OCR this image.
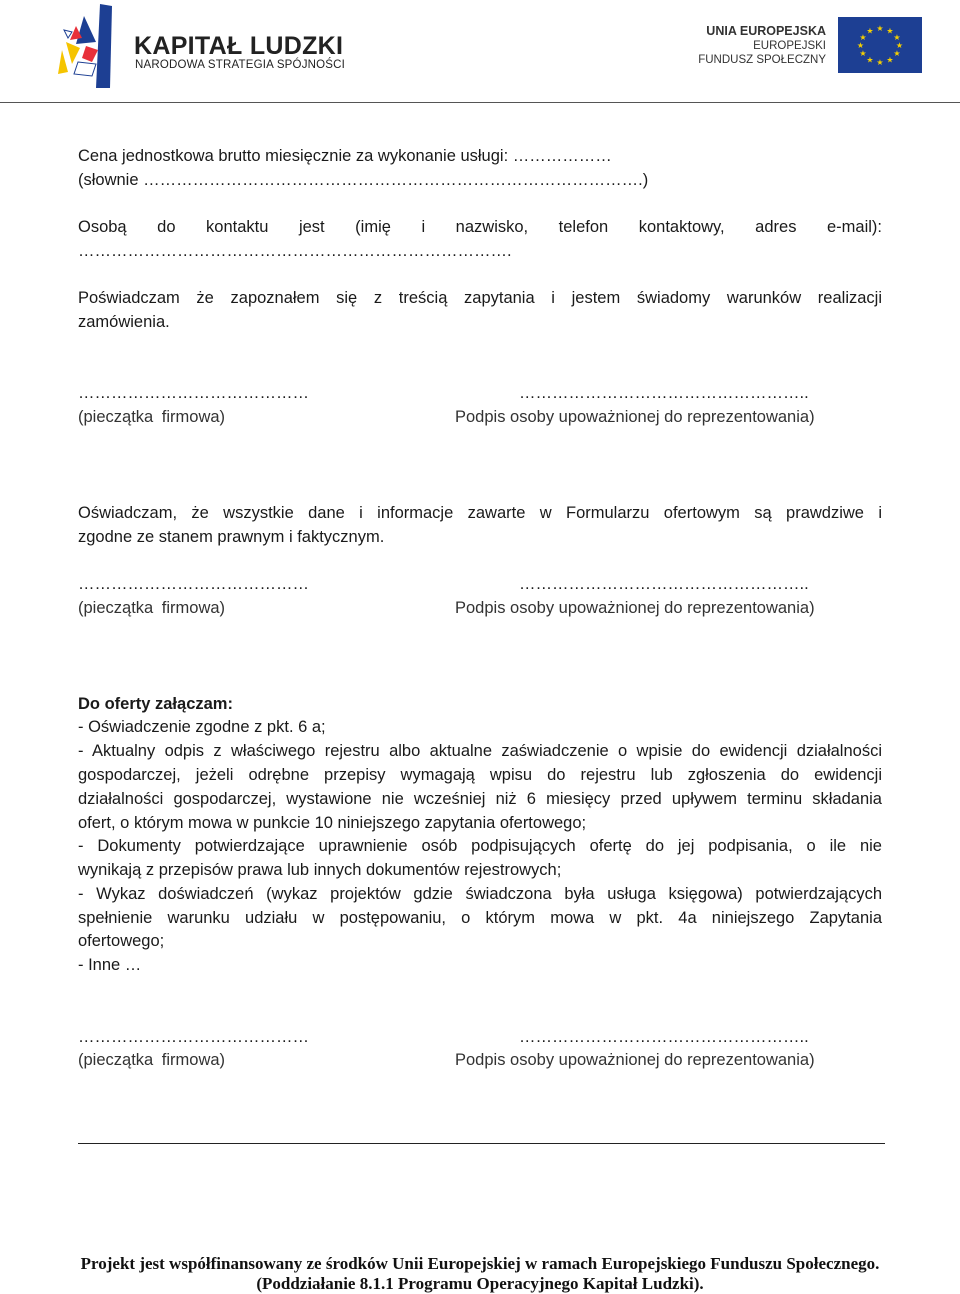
KAPITAŁ LUDZKI
NARODOWA STRATEGIA SPÓJNOŚCI
UNIA EUROPEJSKA
EUROPEJSKI
FUNDUSZ SPOŁECZNY
★ ★
★
★
★
★
★
★
★
★
★
★
Cena jednostkowa brutto miesięcznie za wykonanie usługi: ………………
(słownie ……………………………………………………………………………….)
Osobą do kontaktu jest (imię i nazwisko, telefon kontaktowy, adres e-mail):
…………………………………………………………………….
Poświadczam że zapoznałem się z treścią zapytania i jestem świadomy warunków realizacji
zamówienia.
……………………………………
(pieczątka firmowa)
……………………………………………..
Podpis osoby upoważnionej do reprezentowania)
Oświadczam, że wszystkie dane i informacje zawarte w Formularzu ofertowym są prawdziwe i
zgodne ze stanem prawnym i faktycznym.
……………………………………
(pieczątka firmowa)
……………………………………………..
Podpis osoby upoważnionej do reprezentowania)
Do oferty załączam:
- Oświadczenie zgodne z pkt. 6 a;
- Aktualny odpis z właściwego rejestru albo aktualne zaświadczenie o wpisie do ewidencji działalności
gospodarczej, jeżeli odrębne przepisy wymagają wpisu do rejestru lub zgłoszenia do ewidencji
działalności gospodarczej, wystawione nie wcześniej niż 6 miesięcy przed upływem terminu składania
ofert, o którym mowa w punkcie 10 niniejszego zapytania ofertowego;
- Dokumenty potwierdzające uprawnienie osób podpisujących ofertę do jej podpisania, o ile nie
wynikają z przepisów prawa lub innych dokumentów rejestrowych;
- Wykaz doświadczeń (wykaz projektów gdzie świadczona była usługa księgowa) potwierdzających
spełnienie warunku udziału w postępowaniu, o którym mowa w pkt. 4a niniejszego Zapytania
ofertowego;
- Inne …
……………………………………
(pieczątka firmowa)
……………………………………………..
Podpis osoby upoważnionej do reprezentowania)
Projekt jest współfinansowany ze środków Unii Europejskiej w ramach Europejskiego Funduszu Społecznego.
(Poddziałanie 8.1.1 Programu Operacyjnego Kapitał Ludzki).
